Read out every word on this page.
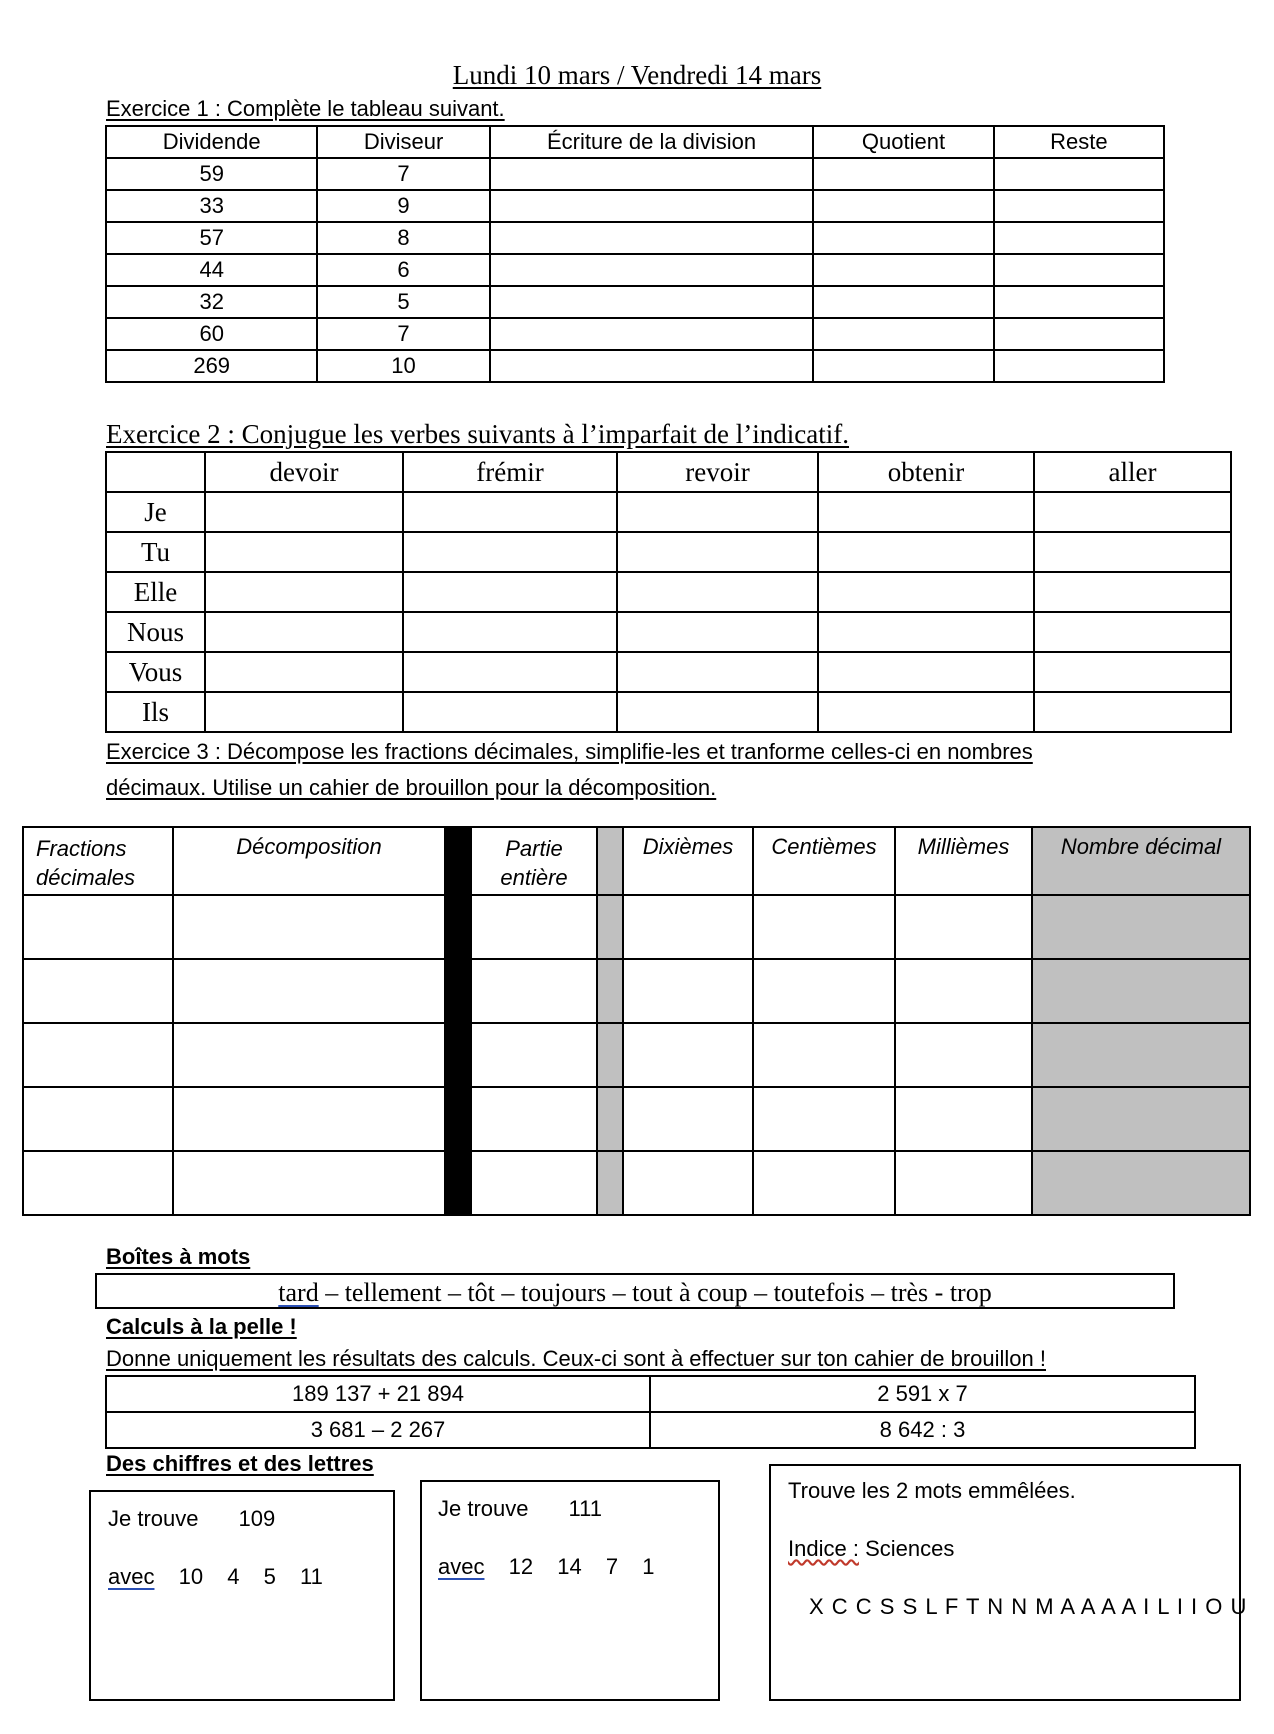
Lundi 10 mars / Vendredi 14 mars
Exercice 1 : Complète le tableau suivant.
Dividende	Diviseur	Écriture de la division	Quotient	Reste
59	7			
33	9			
57	8			
44	6			
32	5			
60	7			
269	10			
Exercice 2 : Conjugue les verbes suivants à l’imparfait de l’indicatif.
	devoir	frémir	revoir	obtenir	aller
Je					
Tu					
Elle					
Nous					
Vous					
Ils					
Exercice 3 : Décompose les fractions décimales, simplifie-les et tranforme celles-ci en nombres décimaux. Utilise un cahier de brouillon pour la décomposition.
Fractions décimales	Décomposition		Partie entière		Dixièmes	Centièmes	Millièmes	Nombre décimal

Boîtes à mots
tard – tellement – tôt – toujours – tout à coup – toutefois – très - trop
Calculs à la pelle !
Donne uniquement les résultats des calculs. Ceux-ci sont à effectuer sur ton cahier de brouillon !
189 137 + 21 894	2 591 x 7
3 681 – 2 267	8 642 : 3
Des chiffres et des lettres
Je trouve 109
avec 10 4 5 11
Je trouve 111
avec 12 14 7 1
Trouve les 2 mots emmêlées.
Indice : Sciences
X C C S S L F T N N M A A A A I L I I O U
